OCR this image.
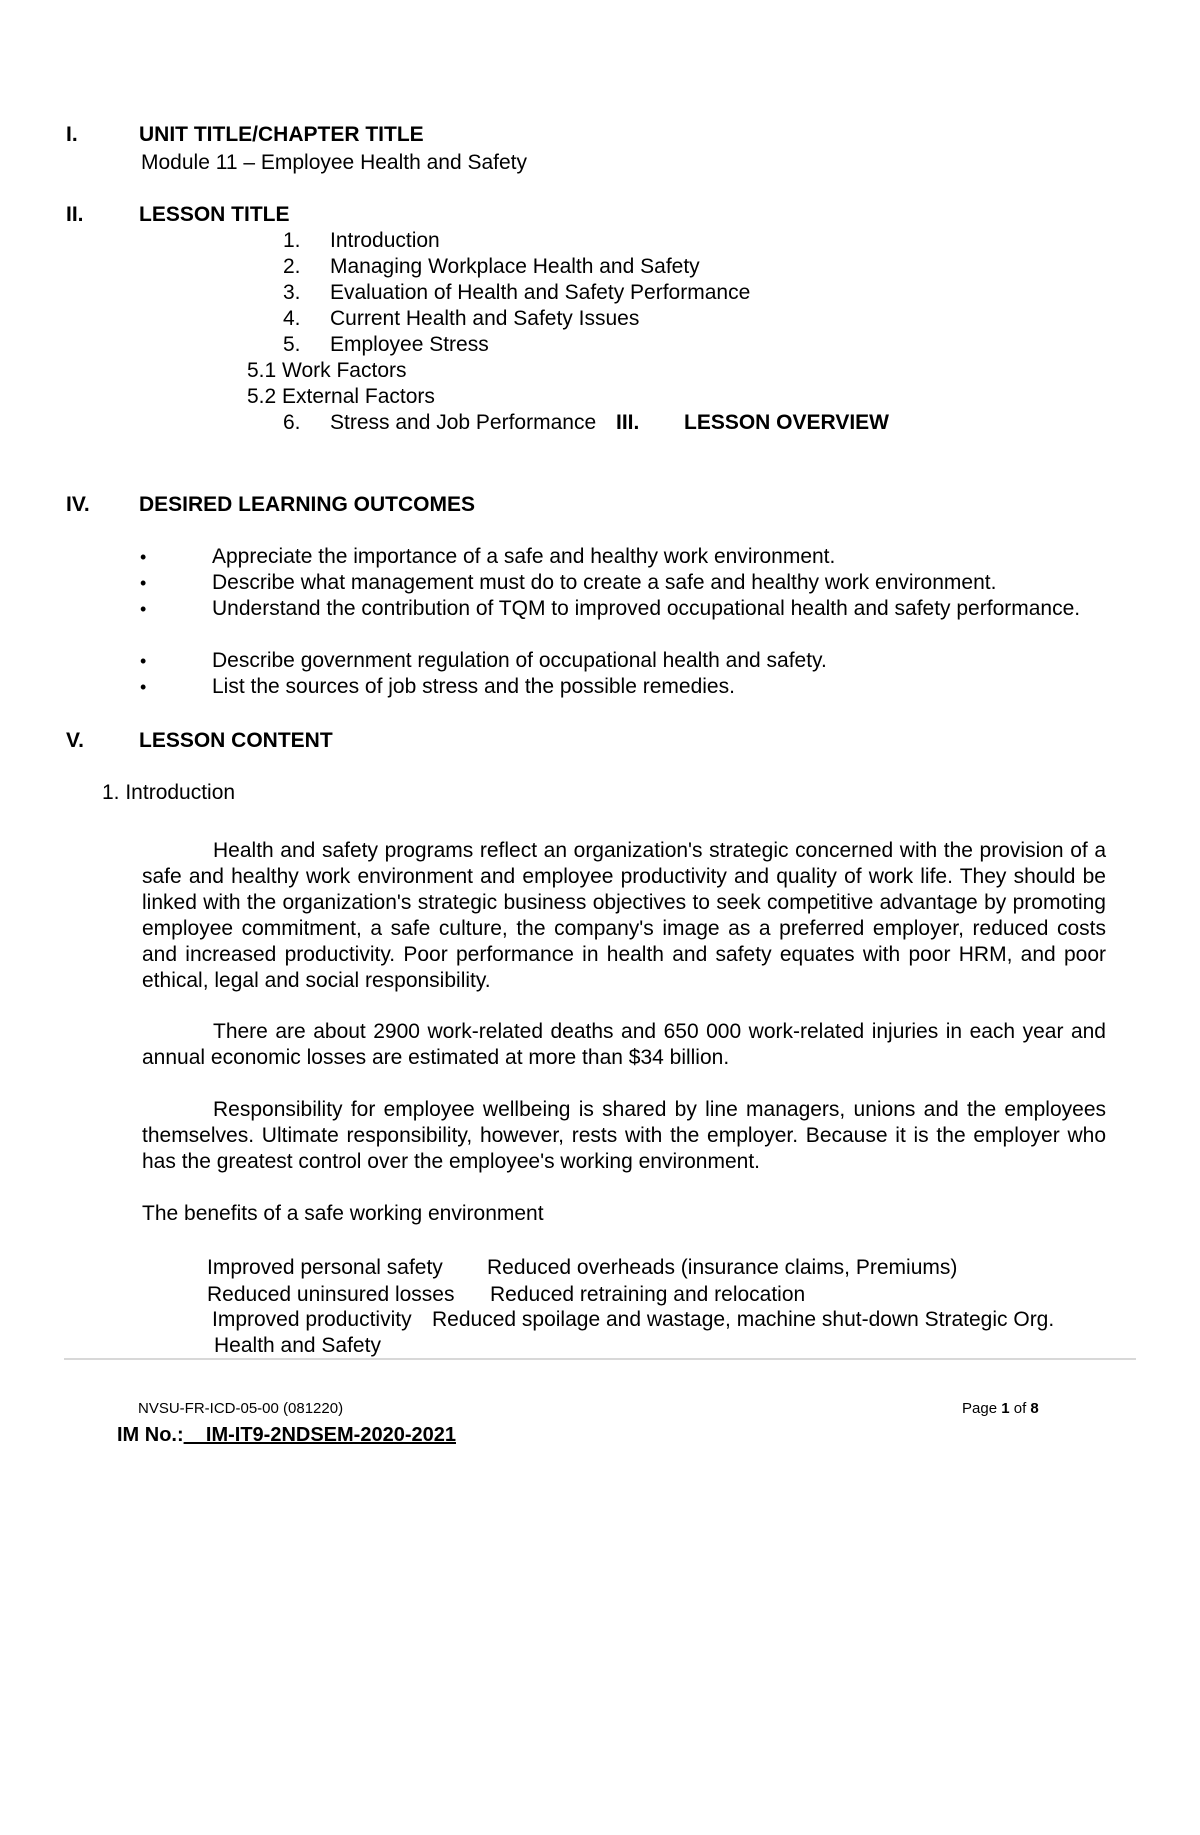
I.	UNIT TITLE/CHAPTER TITLE
Module 11 – Employee Health and Safety
II.	LESSON TITLE
1. Introduction
2. Managing Workplace Health and Safety
3. Evaluation of Health and Safety Performance
4. Current Health and Safety Issues
5. Employee Stress
5.1 Work Factors
5.2 External Factors
6. Stress and Job Performance III. LESSON OVERVIEW
IV. DESIRED LEARNING OUTCOMES
•	Appreciate the importance of a safe and healthy work environment.
•	Describe what management must do to create a safe and healthy work environment.
•	Understand the contribution of TQM to improved occupational health and safety performance.
•	Describe government regulation of occupational health and safety.
•	List the sources of job stress and the possible remedies.
V.	LESSON CONTENT
1. Introduction
Health and safety programs reflect an organization's strategic concerned with the provision of a safe and healthy work environment and employee productivity and quality of work life. They should be linked with the organization's strategic business objectives to seek competitive advantage by promoting employee commitment, a safe culture, the company's image as a preferred employer, reduced costs and increased productivity. Poor performance in health and safety equates with poor HRM, and poor ethical, legal and social responsibility.
There are about 2900 work-related deaths and 650 000 work-related injuries in each year and annual economic losses are estimated at more than $34 billion.
Responsibility for employee wellbeing is shared by line managers, unions and the employees themselves. Ultimate responsibility, however, rests with the employer. Because it is the employer who has the greatest control over the employee's working environment.
The benefits of a safe working environment
Improved personal safety Reduced overheads (insurance claims, Premiums)
Reduced uninsured losses Reduced retraining and relocation
Improved productivity Reduced spoilage and wastage, machine shut-down Strategic Org.
Health and Safety
NVSU-FR-ICD-05-00 (081220)	Page 1 of 8
IM No.:__IM-IT9-2NDSEM-2020-2021
